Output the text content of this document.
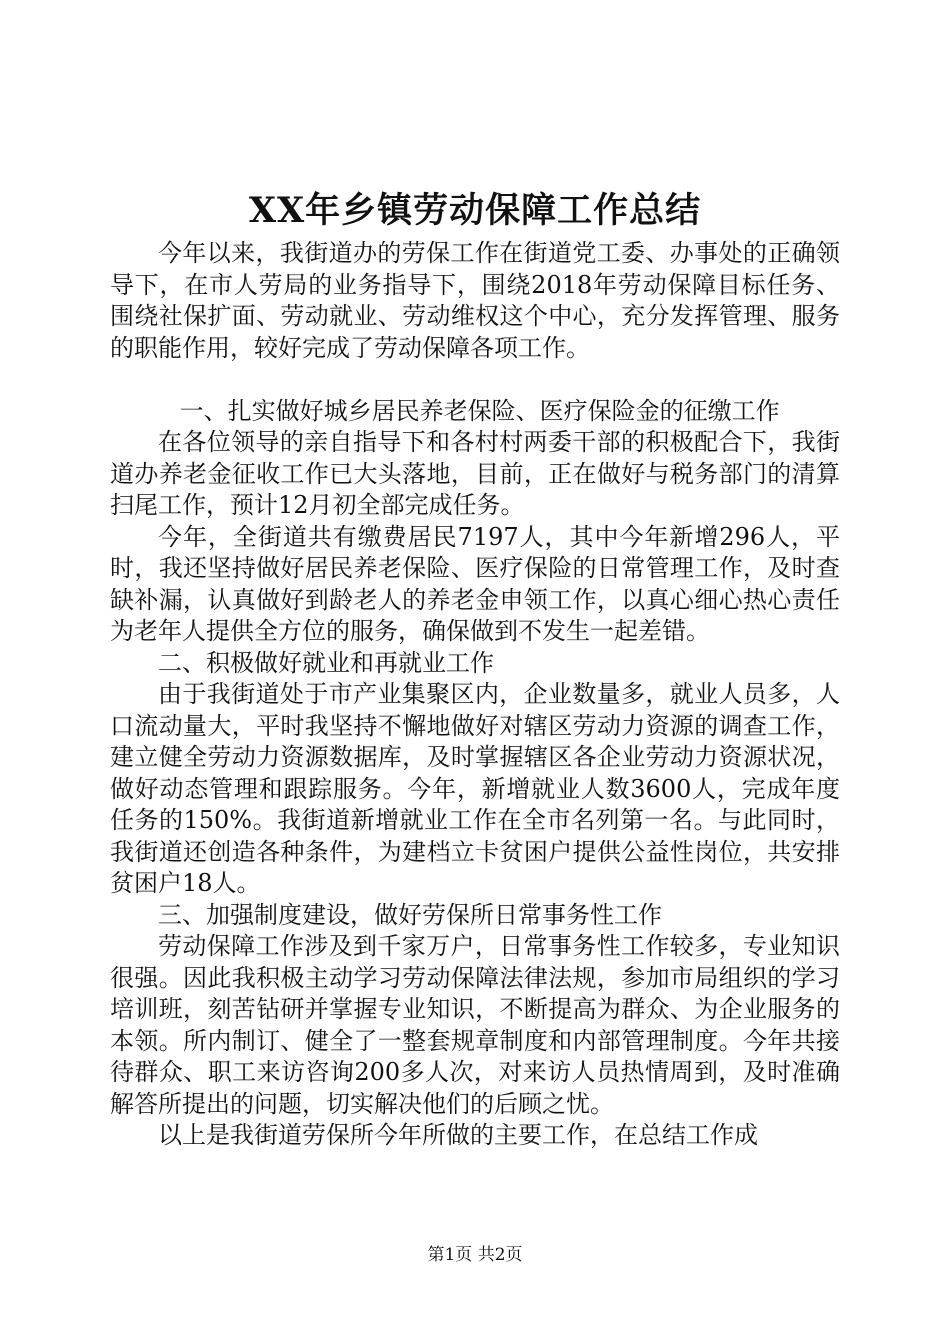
XX年乡镇劳动保障工作总结

今年以来，我街道办的劳保工作在街道党工委、办事处的正确领导下，在市人劳局的业务指导下，围绕2018年劳动保障目标任务、围绕社保扩面、劳动就业、劳动维权这个中心，充分发挥管理、服务的职能作用，较好完成了劳动保障各项工作。

一、扎实做好城乡居民养老保险、医疗保险金的征缴工作

在各位领导的亲自指导下和各村村两委干部的积极配合下，我街道办养老金征收工作已大头落地，目前，正在做好与税务部门的清算扫尾工作，预计12月初全部完成任务。

今年，全街道共有缴费居民7197人，其中今年新增296人，平时，我还坚持做好居民养老保险、医疗保险的日常管理工作，及时查缺补漏，认真做好到龄老人的养老金申领工作，以真心细心热心责任为老年人提供全方位的服务，确保做到不发生一起差错。

二、积极做好就业和再就业工作

由于我街道处于市产业集聚区内，企业数量多，就业人员多，人口流动量大，平时我坚持不懈地做好对辖区劳动力资源的调查工作，建立健全劳动力资源数据库，及时掌握辖区各企业劳动力资源状况，做好动态管理和跟踪服务。今年，新增就业人数3600人，完成年度任务的150%。我街道新增就业工作在全市名列第一名。与此同时，我街道还创造各种条件，为建档立卡贫困户提供公益性岗位，共安排贫困户18人。

三、加强制度建设，做好劳保所日常事务性工作

劳动保障工作涉及到千家万户，日常事务性工作较多，专业知识很强。因此我积极主动学习劳动保障法律法规，参加市局组织的学习培训班，刻苦钻研并掌握专业知识，不断提高为群众、为企业服务的本领。所内制订、健全了一整套规章制度和内部管理制度。今年共接待群众、职工来访咨询200多人次，对来访人员热情周到，及时准确解答所提出的问题，切实解决他们的后顾之忧。

以上是我街道劳保所今年所做的主要工作，在总结工作成

第1页 共2页
